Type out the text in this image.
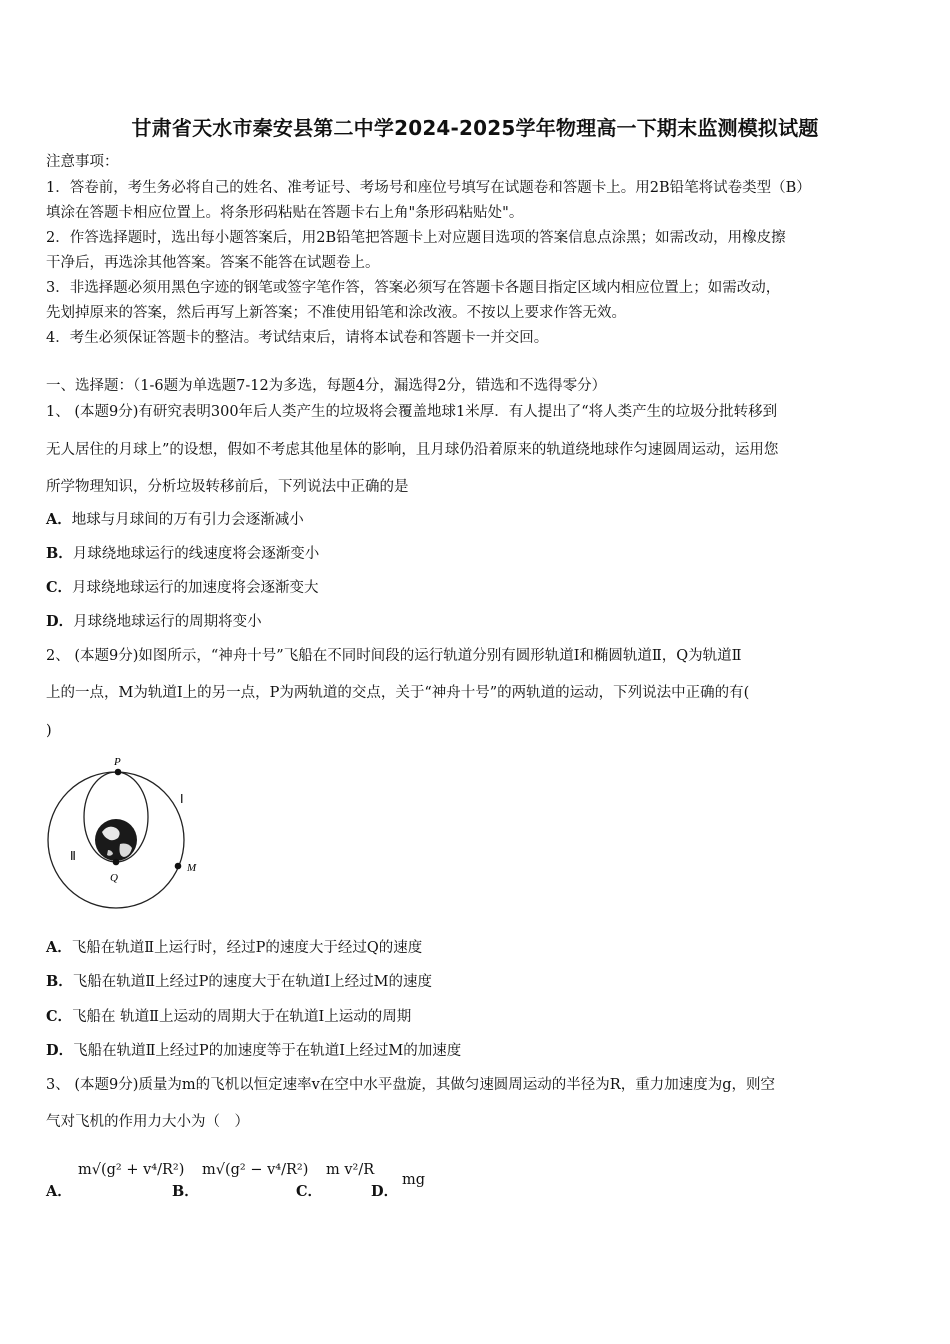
甘肃省天水市秦安县第二中学2024-2025学年物理高一下期末监测模拟试题
注意事项：
1．答卷前，考生务必将自己的姓名、准考证号、考场号和座位号填写在试题卷和答题卡上。用2B铅笔将试卷类型（B）
填涂在答题卡相应位置上。将条形码粘贴在答题卡右上角"条形码粘贴处"。
2．作答选择题时，选出每小题答案后，用2B铅笔把答题卡上对应题目选项的答案信息点涂黑；如需改动，用橡皮擦
干净后，再选涂其他答案。答案不能答在试题卷上。
3．非选择题必须用黑色字迹的钢笔或签字笔作答，答案必须写在答题卡各题目指定区域内相应位置上；如需改动，
先划掉原来的答案，然后再写上新答案；不准使用铅笔和涂改液。不按以上要求作答无效。
4．考生必须保证答题卡的整洁。考试结束后，请将本试卷和答题卡一并交回。
一、选择题：（1-6题为单选题7-12为多选，每题4分，漏选得2分，错选和不选得零分）
1、 (本题9分)有研究表明300年后人类产生的垃圾将会覆盖地球1米厚．有人提出了“将人类产生的垃圾分批转移到
无人居住的月球上”的设想，假如不考虑其他星体的影响，且月球仍沿着原来的轨道绕地球作匀速圆周运动，运用您
所学物理知识，分析垃圾转移前后，下列说法中正确的是
A．地球与月球间的万有引力会逐渐减小
B．月球绕地球运行的线速度将会逐渐变小
C．月球绕地球运行的加速度将会逐渐变大
D．月球绕地球运行的周期将变小
2、 (本题9分)如图所示，“神舟十号”飞船在不同时间段的运行轨道分别有圆形轨道Ⅰ和椭圆轨道Ⅱ，Q为轨道Ⅱ
上的一点，M为轨道Ⅰ上的另一点，P为两轨道的交点，关于“神舟十号”的两轨道的运动，下列说法中正确的有(
)
P
Q
M
Ⅰ
Ⅱ
A．飞船在轨道Ⅱ上运行时，经过P的速度大于经过Q的速度
B．飞船在轨道Ⅱ上经过P的速度大于在轨道Ⅰ上经过M的速度
C．飞船在 轨道Ⅱ上运动的周期大于在轨道Ⅰ上运动的周期
D．飞船在轨道Ⅱ上经过P的加速度等于在轨道Ⅰ上经过M的加速度
3、 (本题9分)质量为m的飞机以恒定速率v在空中水平盘旋，其做匀速圆周运动的半径为R，重力加速度为g，则空
气对飞机的作用力大小为（　）
A．
m√(g² + v⁴/R²)
B．
m√(g² − v⁴/R²)
C．
m v²/R
D．
mg
